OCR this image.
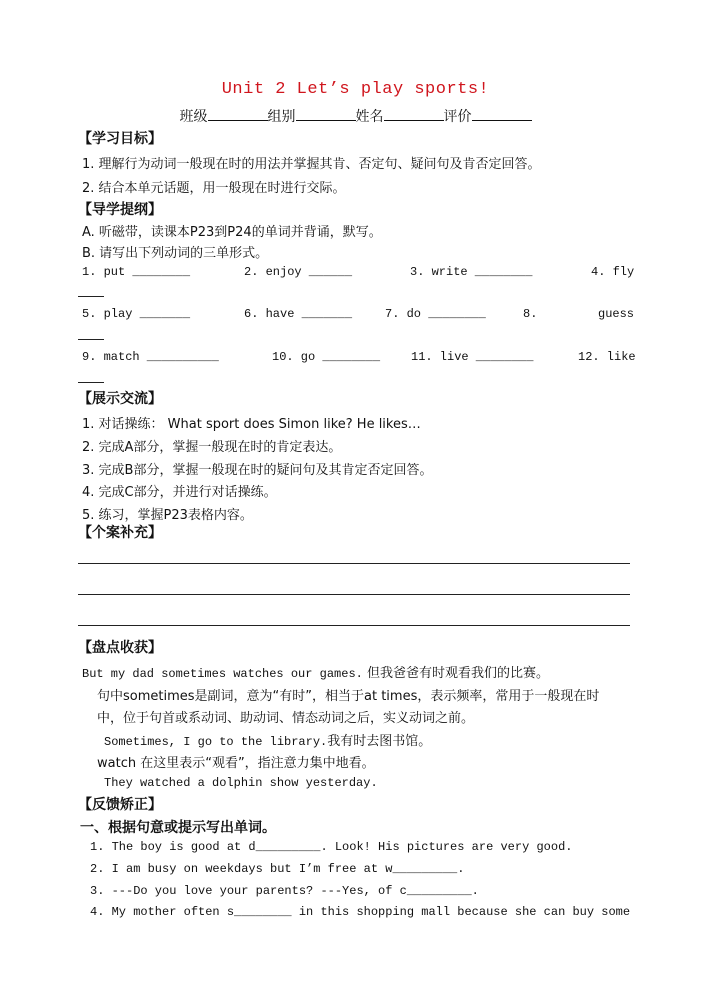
Unit 2 Let’s play sports!
班级	组别	姓名	评价
【学习目标】
1. 理解行为动词一般现在时的用法并掌握其肯、否定句、疑问句及肯否定回答。
2. 结合本单元话题，用一般现在时进行交际。
【导学提纲】
A. 听磁带，读课本P23到P24的单词并背诵，默写。
B. 请写出下列动词的三单形式。
1. put ________	2. enjoy ______	3. write ________	4. fly
5. play _______	6. have _______	7. do ________	8.	guess
9. match __________	10. go ________	11. live ________	12. like
【展示交流】
1. 对话操练： What sport does Simon like? He likes…
2. 完成A部分，掌握一般现在时的肯定表达。
3. 完成B部分，掌握一般现在时的疑问句及其肯定否定回答。
4. 完成C部分，并进行对话操练。
5. 练习，掌握P23表格内容。
【个案补充】
【盘点收获】
But my dad sometimes watches our games. 但我爸爸有时观看我们的比赛。
句中sometimes是副词，意为“有时”，相当于at times，表示频率，常用于一般现在时
中，位于句首或系动词、助动词、情态动词之后，实义动词之前。
Sometimes, I go to the library.我有时去图书馆。
watch 在这里表示“观看”，指注意力集中地看。
They watched a dolphin show yesterday.
【反馈矫正】
一、根据句意或提示写出单词。
1. The boy is good at d_________. Look! His pictures are very good.
2. I am busy on weekdays but I’m free at w_________.
3. ---Do you love your parents? ---Yes, of c_________.
4. My mother often s________ in this shopping mall because she can buy some
